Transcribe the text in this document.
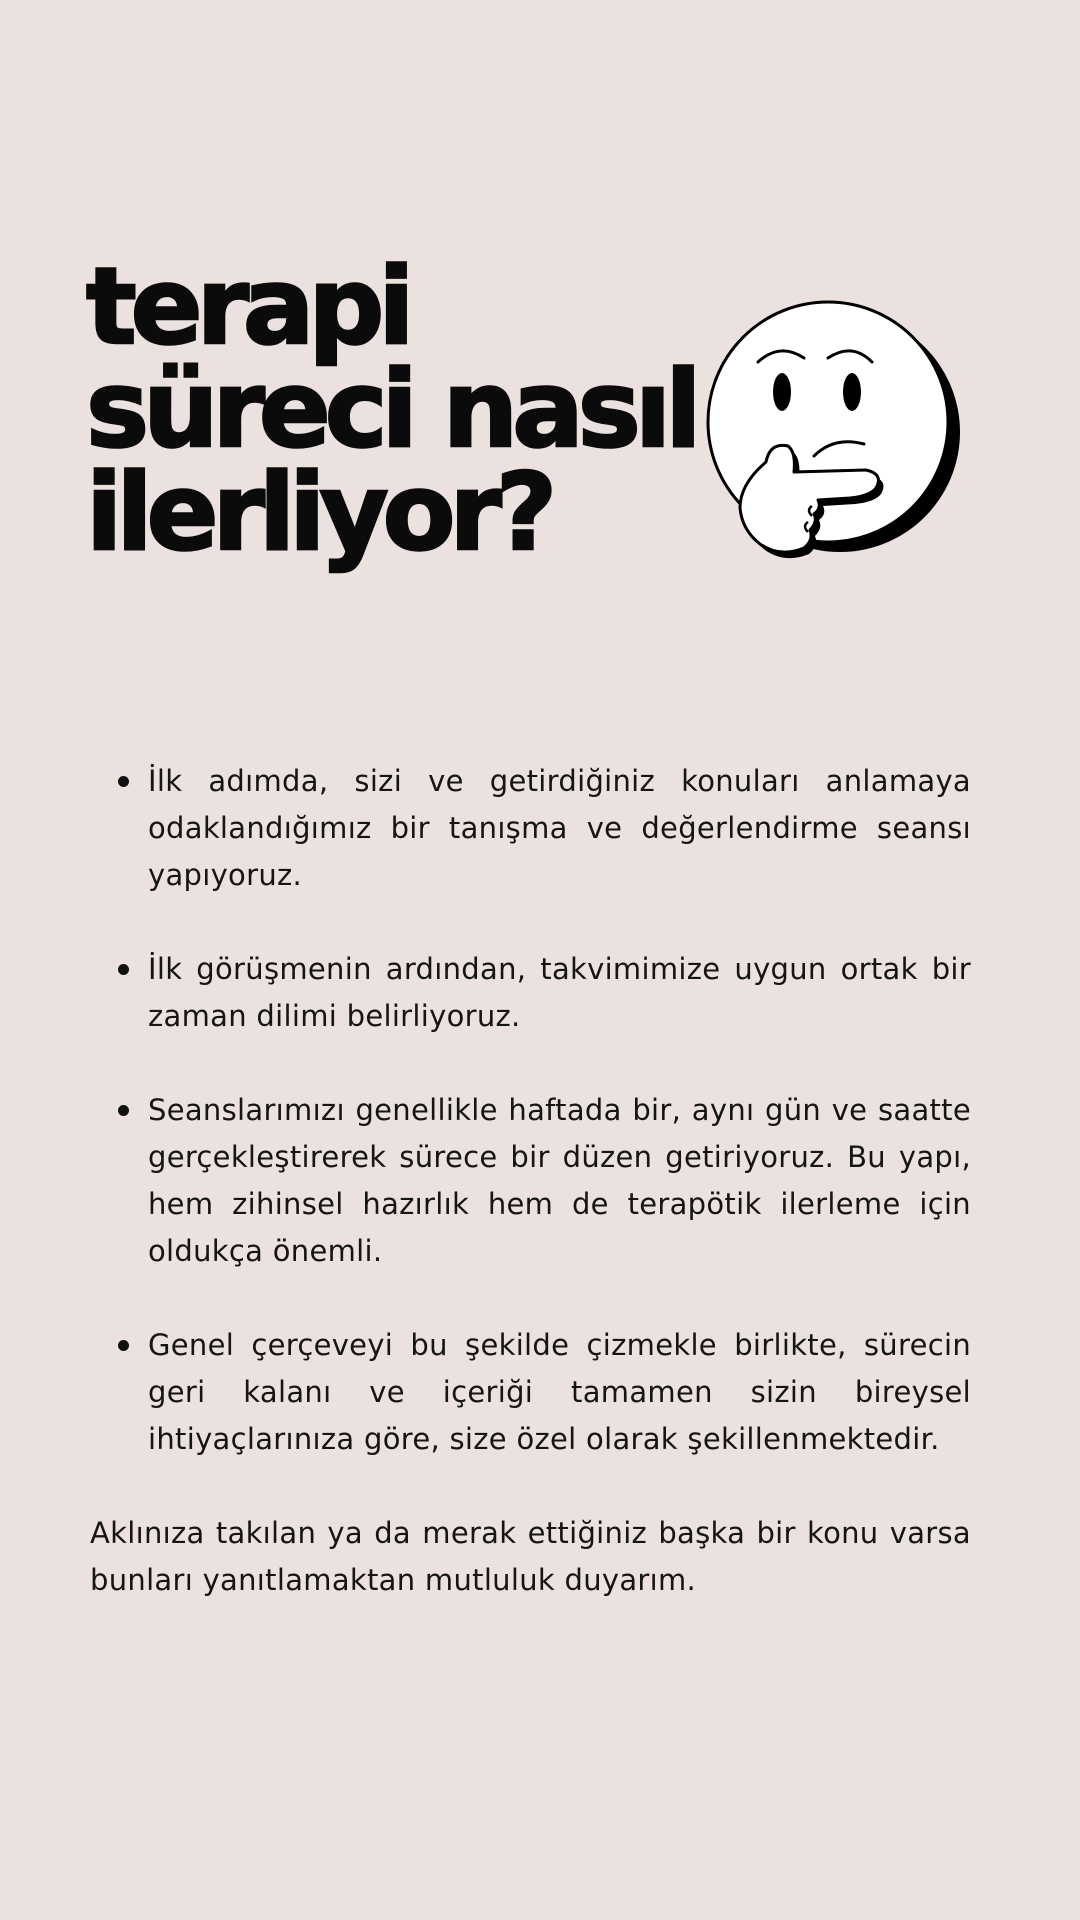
terapi
süreci nasıl
ilerliyor?
İlk adımda, sizi ve getirdiğiniz konuları anlamaya odaklandığımız bir tanışma ve değerlendirme seansı yapıyoruz.
İlk görüşmenin ardından, takvimimize uygun ortak bir zaman dilimi belirliyoruz.
Seanslarımızı genellikle haftada bir, aynı gün ve saatte gerçekleştirerek sürece bir düzen getiriyoruz. Bu yapı, hem zihinsel hazırlık hem de terapötik ilerleme için oldukça önemli.
Genel çerçeveyi bu şekilde çizmekle birlikte, sürecin geri kalanı ve içeriği tamamen sizin bireysel ihtiyaçlarınıza göre, size özel olarak şekillenmektedir.

Aklınıza takılan ya da merak ettiğiniz başka bir konu varsa bunları yanıtlamaktan mutluluk duyarım.
